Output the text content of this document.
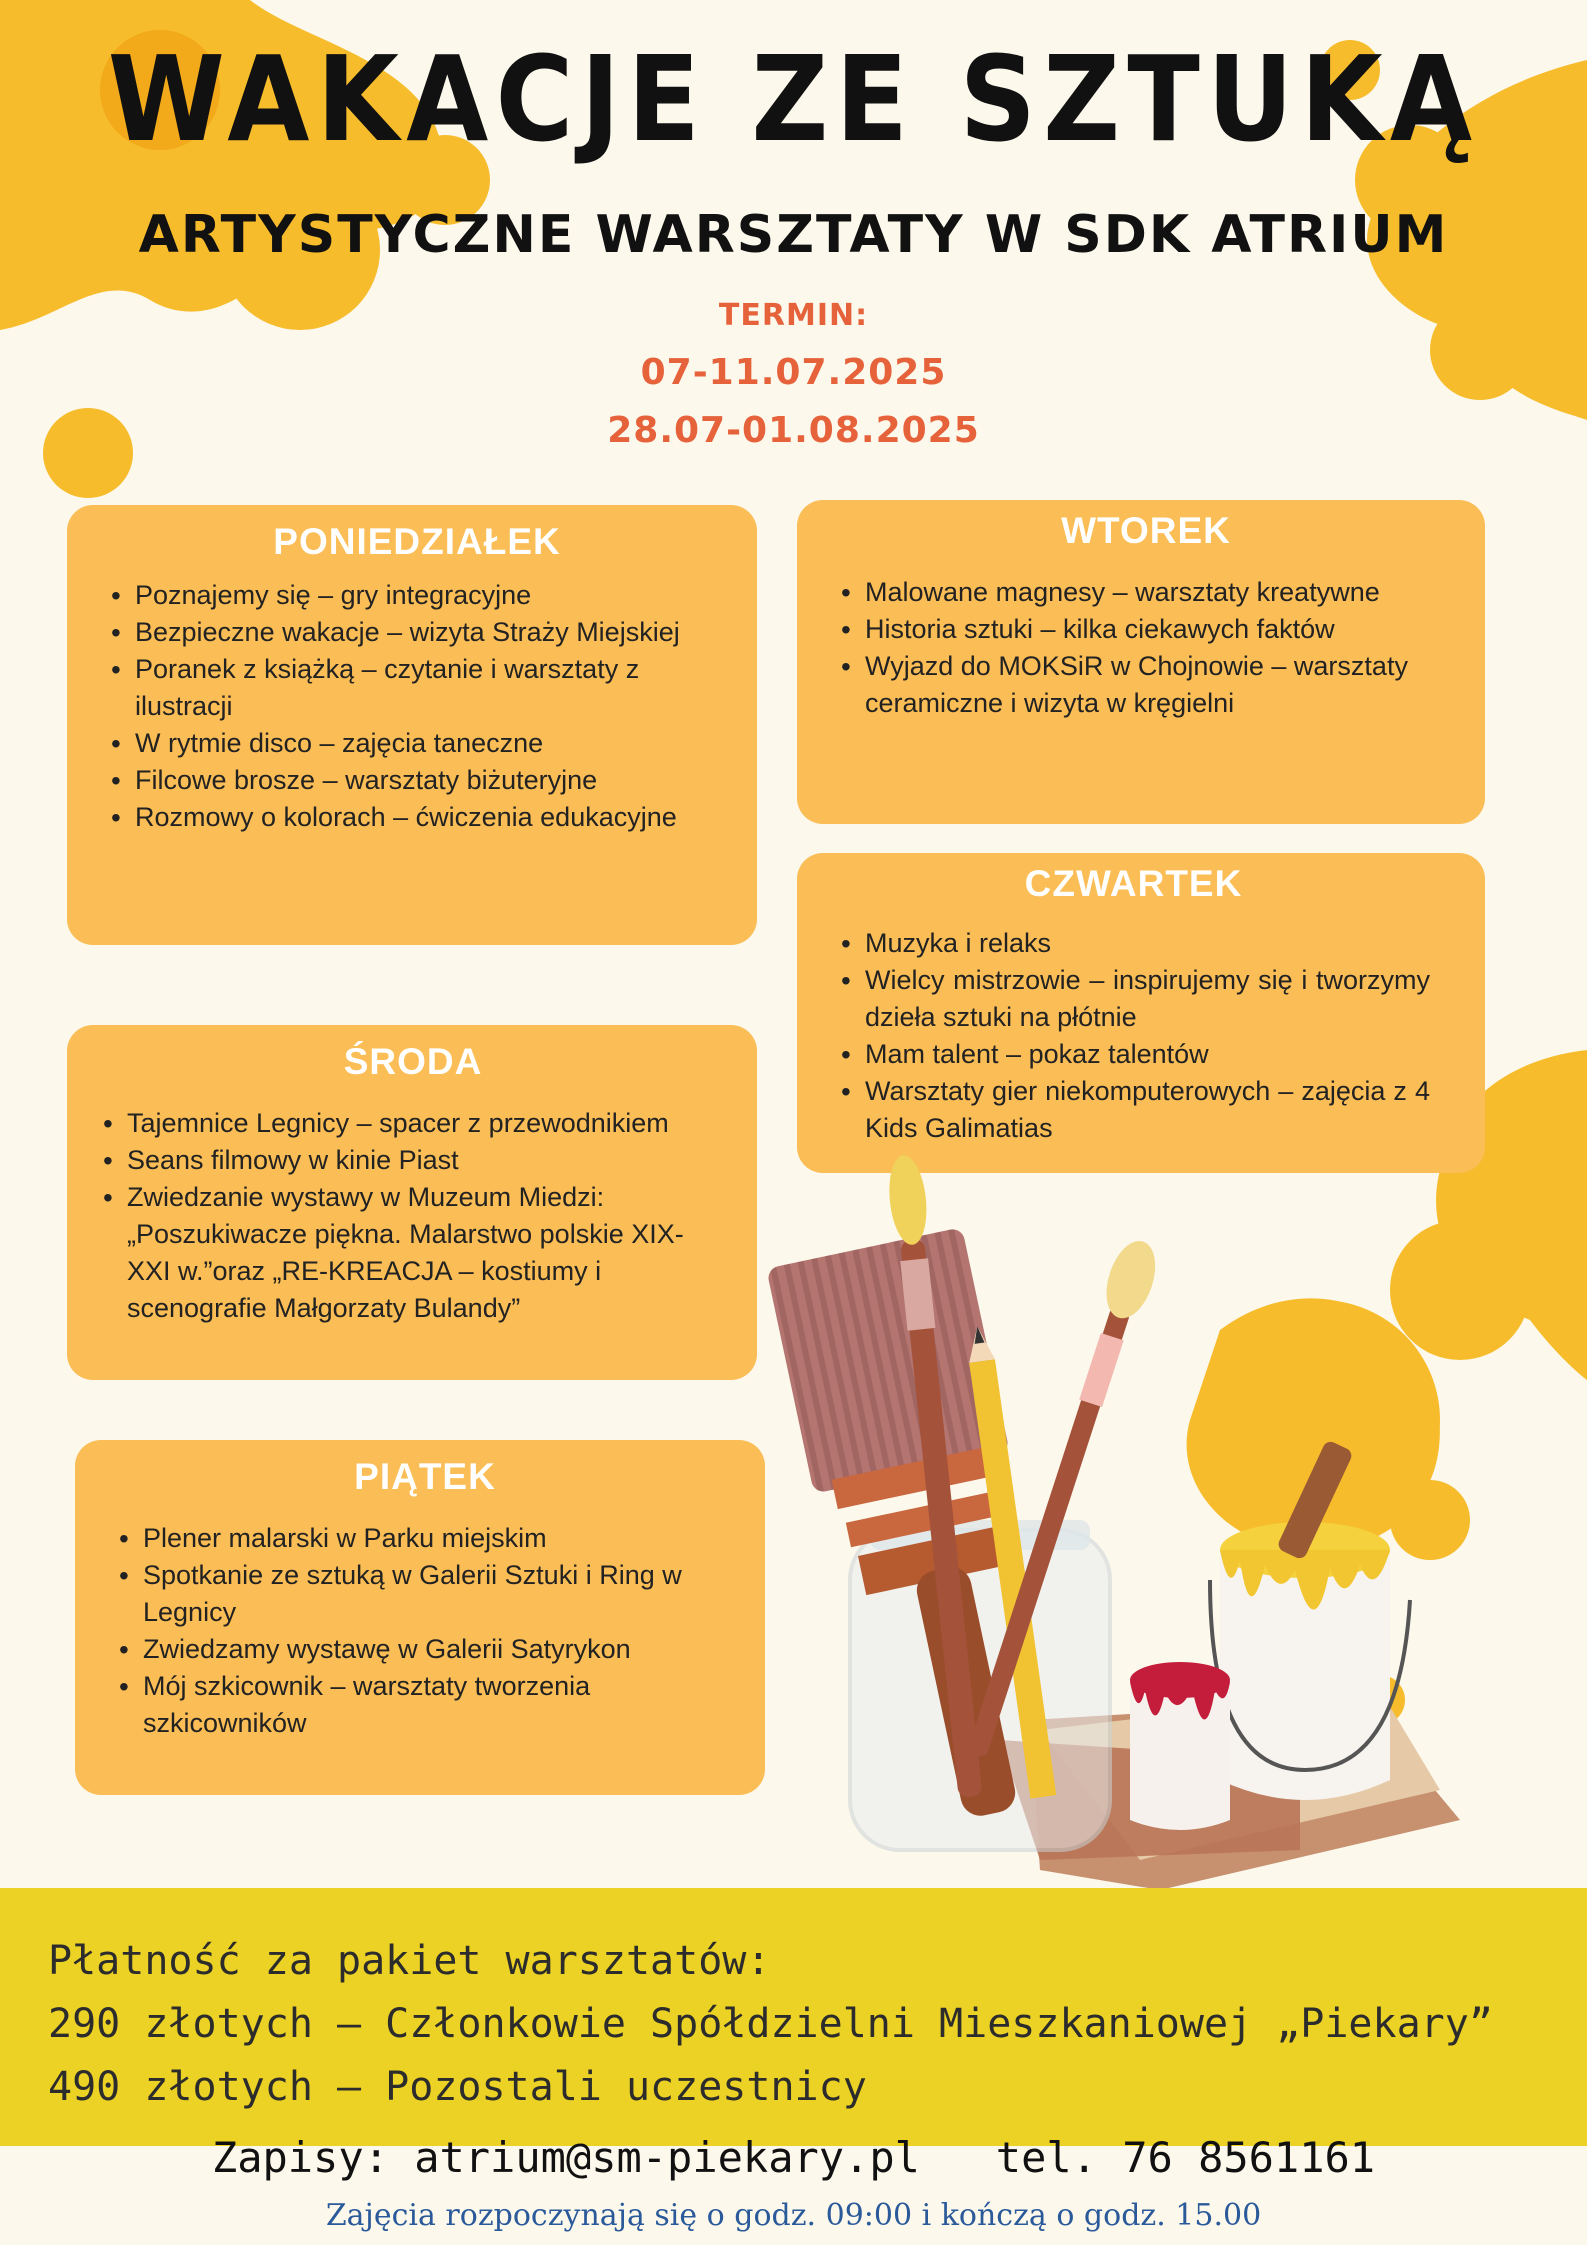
WAKACJE ZE SZTUKĄ
ARTYSTYCZNE WARSZTATY W SDK ATRIUM
TERMIN:
07-11.07.2025
28.07-01.08.2025
PONIEDZIAŁEK
• Poznajemy się – gry integracyjne
• Bezpieczne wakacje – wizyta Straży Miejskiej
• Poranek z książką – czytanie i warsztaty z ilustracji
• W rytmie disco – zajęcia taneczne
• Filcowe brosze – warsztaty biżuteryjne
• Rozmowy o kolorach – ćwiczenia edukacyjne
WTOREK
• Malowane magnesy – warsztaty kreatywne
• Historia sztuki – kilka ciekawych faktów
• Wyjazd do MOKSiR w Chojnowie – warsztaty ceramiczne i wizyta w kręgielni
CZWARTEK
• Muzyka i relaks
• Wielcy mistrzowie – inspirujemy się i tworzymy dzieła sztuki na płótnie
• Mam talent – pokaz talentów
• Warsztaty gier niekomputerowych – zajęcia z 4 Kids Galimatias
ŚRODA
• Tajemnice Legnicy – spacer z przewodnikiem
• Seans filmowy w kinie Piast
• Zwiedzanie wystawy w Muzeum Miedzi: „Poszukiwacze piękna. Malarstwo polskie XIX-XXI w.”oraz „RE-KREACJA – kostiumy i scenografie Małgorzaty Bulandy”
PIĄTEK
• Plener malarski w Parku miejskim
• Spotkanie ze sztuką w Galerii Sztuki i Ring w Legnicy
• Zwiedzamy wystawę w Galerii Satyrykon
• Mój szkicownik – warsztaty tworzenia szkicowników
Płatność za pakiet warsztatów:
290 złotych – Członkowie Spółdzielni Mieszkaniowej „Piekary”
490 złotych – Pozostali uczestnicy
Zapisy: atrium@sm-piekary.pl   tel. 76 8561161
Zajęcia rozpoczynają się o godz. 09:00 i kończą o godz. 15.00
